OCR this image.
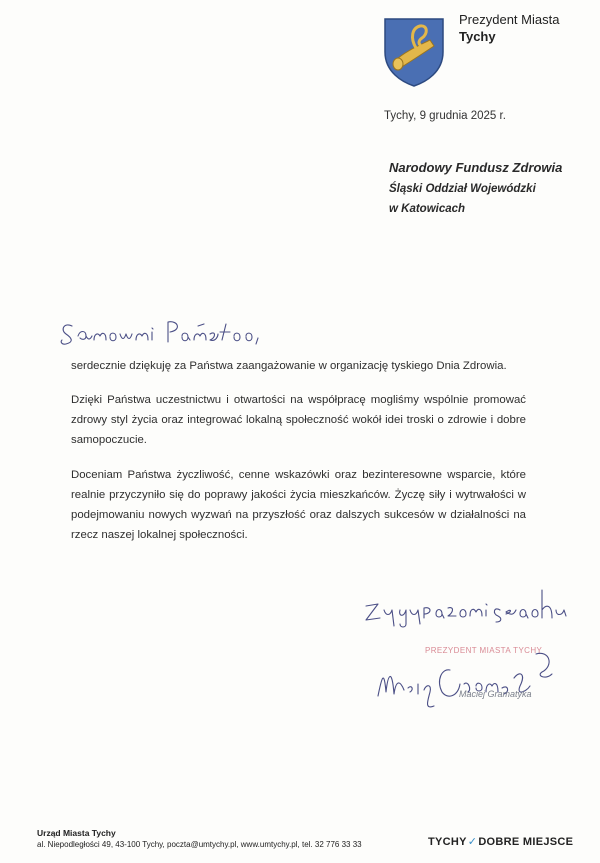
Prezydent Miasta
Tychy
Tychy, 9 grudnia 2025 r.
Narodowy Fundusz Zdrowia
Śląski Oddział Wojewódzki
w Katowicach

serdecznie dziękuję za Państwa zaangażowanie w organizację tyskiego Dnia Zdrowia.

Dzięki Państwa uczestnictwu i otwartości na współpracę mogliśmy wspólnie promować zdrowy styl życia oraz integrować lokalną społeczność wokół idei troski o zdrowie i dobre samopoczucie.

Doceniam Państwa życzliwość, cenne wskazówki oraz bezinteresowne wsparcie, które realnie przyczyniło się do poprawy jakości życia mieszkańców. Życzę siły i wytrwałości w podejmowaniu nowych wyzwań na przyszłość oraz dalszych sukcesów w działalności na rzecz naszej lokalnej społeczności.

PREZYDENT MIASTA TYCHY
Maciej Gramatyka
Urząd Miasta Tychy
al. Niepodległości 49, 43-100 Tychy, poczta@umtychy.pl, www.umtychy.pl, tel. 32 776 33 33	TYCHY✓DOBRE MIEJSCE
